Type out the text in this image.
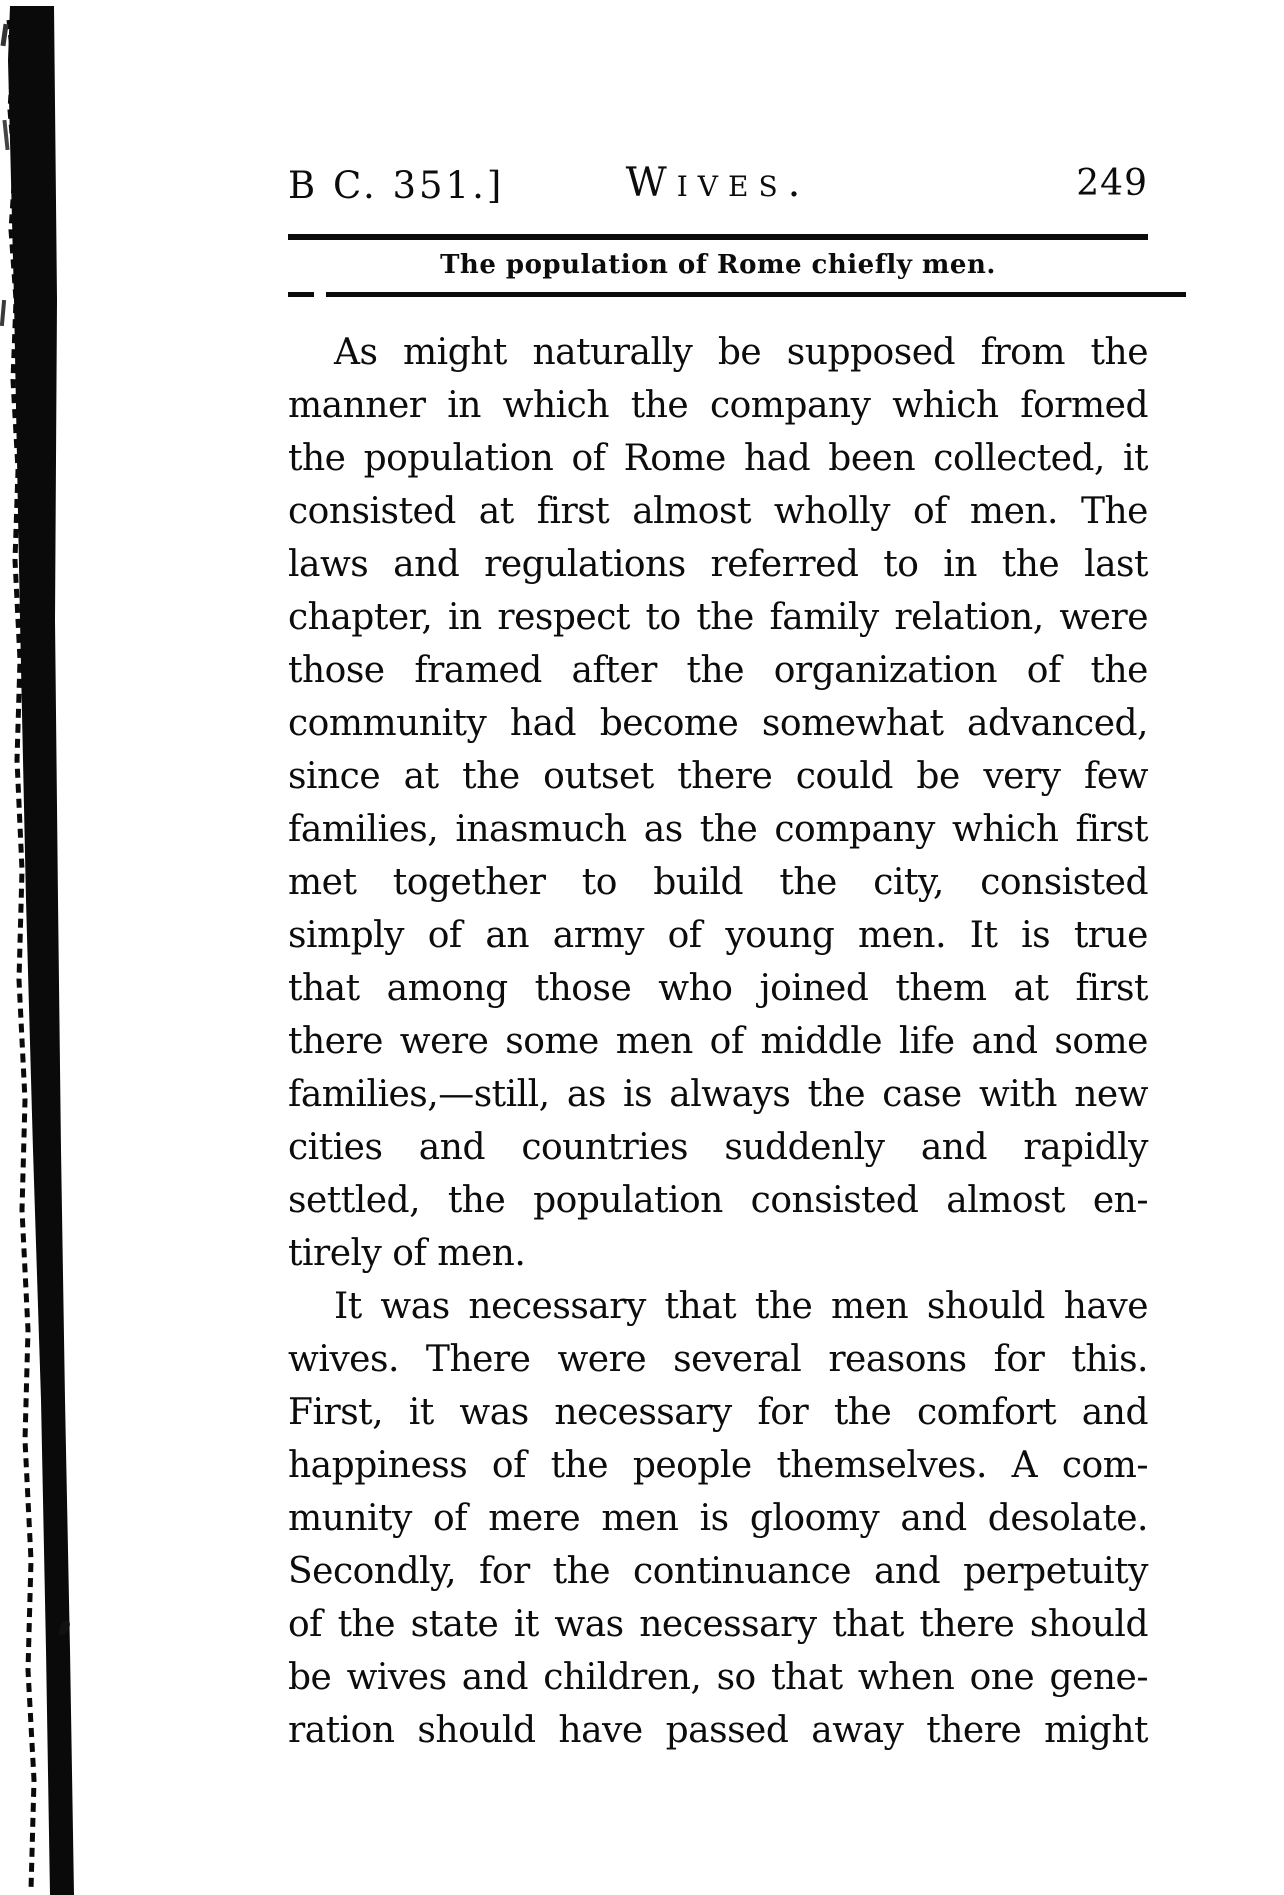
B C. 351.]	Wives.	249
The population of Rome chiefly men.
As might naturally be supposed from the
manner in which the company which formed
the population of Rome had been collected, it
consisted at first almost wholly of men. The
laws and regulations referred to in the last
chapter, in respect to the family relation, were
those framed after the organization of the
community had become somewhat advanced,
since at the outset there could be very few
families, inasmuch as the company which first
met together to build the city, consisted
simply of an army of young men. It is true
that among those who joined them at first
there were some men of middle life and some
families,—still, as is always the case with new
cities and countries suddenly and rapidly
settled, the population consisted almost en-
tirely of men.
It was necessary that the men should have
wives. There were several reasons for this.
First, it was necessary for the comfort and
happiness of the people themselves. A com-
munity of mere men is gloomy and desolate.
Secondly, for the continuance and perpetuity
of the state it was necessary that there should
be wives and children, so that when one gene-
ration should have passed away there might
